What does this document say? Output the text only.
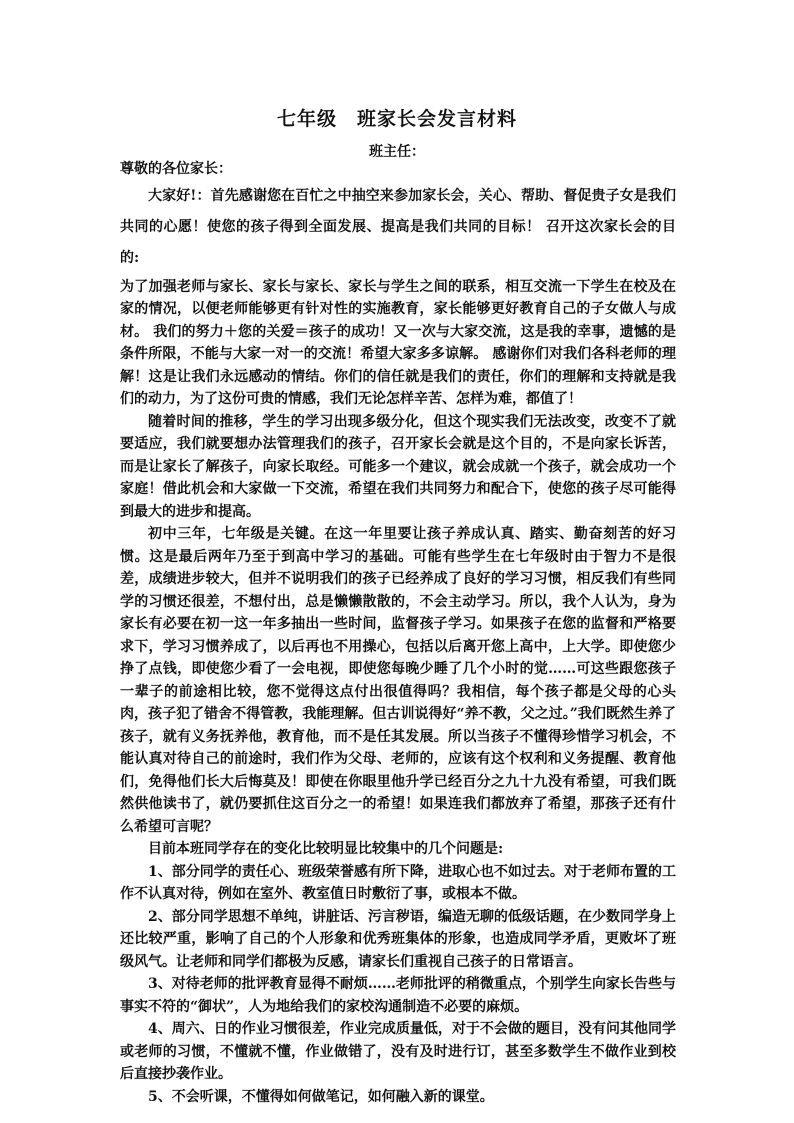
七年级　班家长会发言材料
班主任：

尊敬的各位家长：

大家好!：首先感谢您在百忙之中抽空来参加家长会，关心、帮助、督促贵子女是我们共同的心愿！使您的孩子得到全面发展、提高是我们共同的目标！ 召开这次家长会的目的:

为了加强老师与家长、家长与家长、家长与学生之间的联系，相互交流一下学生在校及在家的情况，以便老师能够更有针对性的实施教育，家长能够更好教育自己的子女做人与成材。 我们的努力＋您的关爱＝孩子的成功！又一次与大家交流，这是我的幸事，遗憾的是条件所限，不能与大家一对一的交流！希望大家多多谅解。 感谢你们对我们各科老师的理解！这是让我们永远感动的情结。你们的信任就是我们的责任，你们的理解和支持就是我们的动力，为了这份可贵的情感，我们无论怎样辛苦、怎样为难，都值了！

随着时间的推移，学生的学习出现多级分化，但这个现实我们无法改变，改变不了就要适应，我们就要想办法管理我们的孩子，召开家长会就是这个目的，不是向家长诉苦，而是让家长了解孩子，向家长取经。可能多一个建议，就会成就一个孩子，就会成功一个家庭！借此机会和大家做一下交流，希望在我们共同努力和配合下，使您的孩子尽可能得到最大的进步和提高。

初中三年，七年级是关键。在这一年里要让孩子养成认真、踏实、勤奋刻苦的好习惯。这是最后两年乃至于到高中学习的基础。可能有些学生在七年级时由于智力不是很差，成绩进步较大，但并不说明我们的孩子已经养成了良好的学习习惯，相反我们有些同学的习惯还很差，不想付出，总是懒懒散散的，不会主动学习。所以，我个人认为，身为家长有必要在初一这一年多抽出一些时间，监督孩子学习。如果孩子在您的监督和严格要求下，学习习惯养成了，以后再也不用操心，包括以后离开您上高中，上大学。即使您少挣了点钱，即使您少看了一会电视，即使您每晚少睡了几个小时的觉……可这些跟您孩子一辈子的前途相比较，您不觉得这点付出很值得吗？我相信，每个孩子都是父母的心头肉，孩子犯了错舍不得管教，我能理解。但古训说得好“养不教，父之过。”我们既然生养了孩子，就有义务抚养他，教育他，而不是任其发展。所以当孩子不懂得珍惜学习机会，不能认真对待自己的前途时，我们作为父母、老师的，应该有这个权利和义务提醒、教育他们，免得他们长大后悔莫及！即使在你眼里他升学已经百分之九十九没有希望，可我们既然供他读书了，就仍要抓住这百分之一的希望！如果连我们都放弃了希望，那孩子还有什么希望可言呢？

目前本班同学存在的变化比较明显比较集中的几个问题是:

1、部分同学的责任心、班级荣誉感有所下降，进取心也不如过去。对于老师布置的工作不认真对待，例如在室外、教室值日时敷衍了事，或根本不做。

2、部分同学思想不单纯，讲脏话、污言秽语，编造无聊的低级话题，在少数同学身上还比较严重，影响了自己的个人形象和优秀班集体的形象，也造成同学矛盾，更败坏了班级风气。让老师和同学们都极为反感，请家长们重视自己孩子的日常语言。

3、对待老师的批评教育显得不耐烦……老师批评的稍微重点，个别学生向家长告些与事实不符的“御状”，人为地给我们的家校沟通制造不必要的麻烦。

4、周六、日的作业习惯很差，作业完成质量低，对于不会做的题目，没有问其他同学或老师的习惯，不懂就不懂，作业做错了，没有及时进行订，甚至多数学生不做作业到校后直接抄袭作业。

5、不会听课，不懂得如何做笔记，如何融入新的课堂。
